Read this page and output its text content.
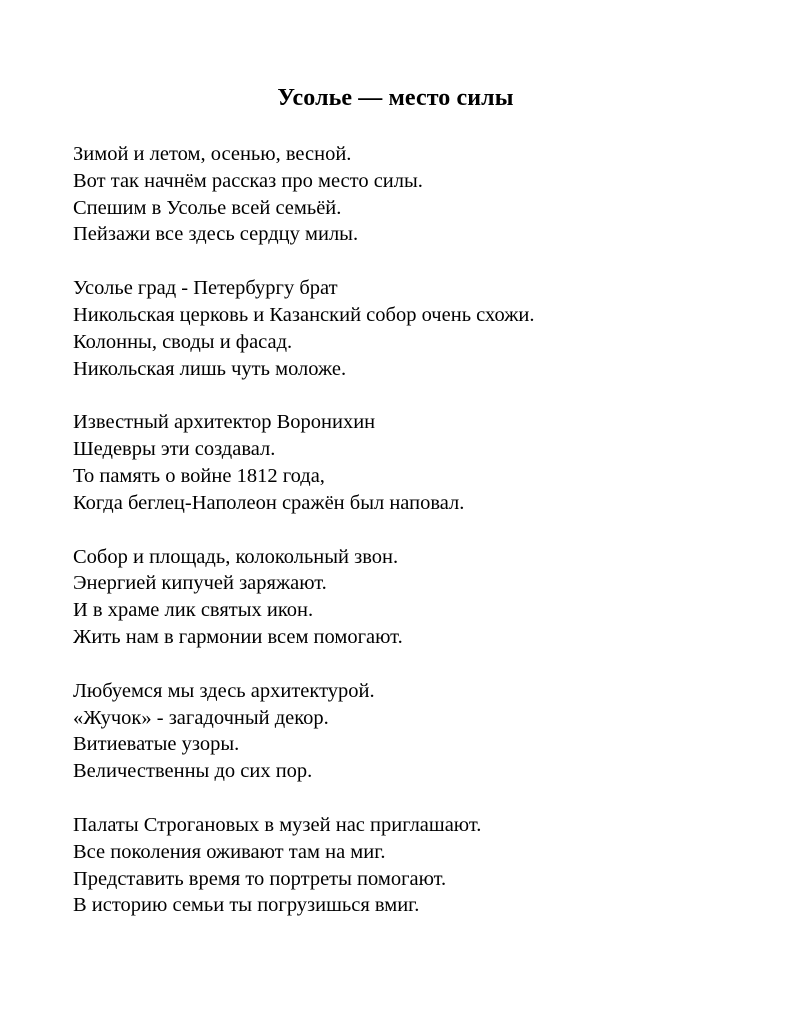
Усолье — место силы
Зимой и летом, осенью, весной.
Вот так начнём рассказ про место силы.
Спешим в Усолье всей семьёй.
Пейзажи все здесь сердцу милы.
Усолье град - Петербургу брат
Никольская церковь и Казанский собор очень схожи.
Колонны, своды и фасад.
Никольская лишь чуть моложе.
Известный архитектор Воронихин
Шедевры эти создавал.
То память о войне 1812 года,
Когда беглец-Наполеон сражён был наповал.
Собор и площадь, колокольный звон.
Энергией кипучей заряжают.
И в храме лик святых икон.
Жить нам в гармонии всем помогают.
Любуемся мы здесь архитектурой.
«Жучок» - загадочный декор.
Витиеватые узоры.
Величественны до сих пор.
Палаты Строгановых в музей нас приглашают.
Все поколения оживают там на миг.
Представить время то портреты помогают.
В историю семьи ты погрузишься вмиг.
